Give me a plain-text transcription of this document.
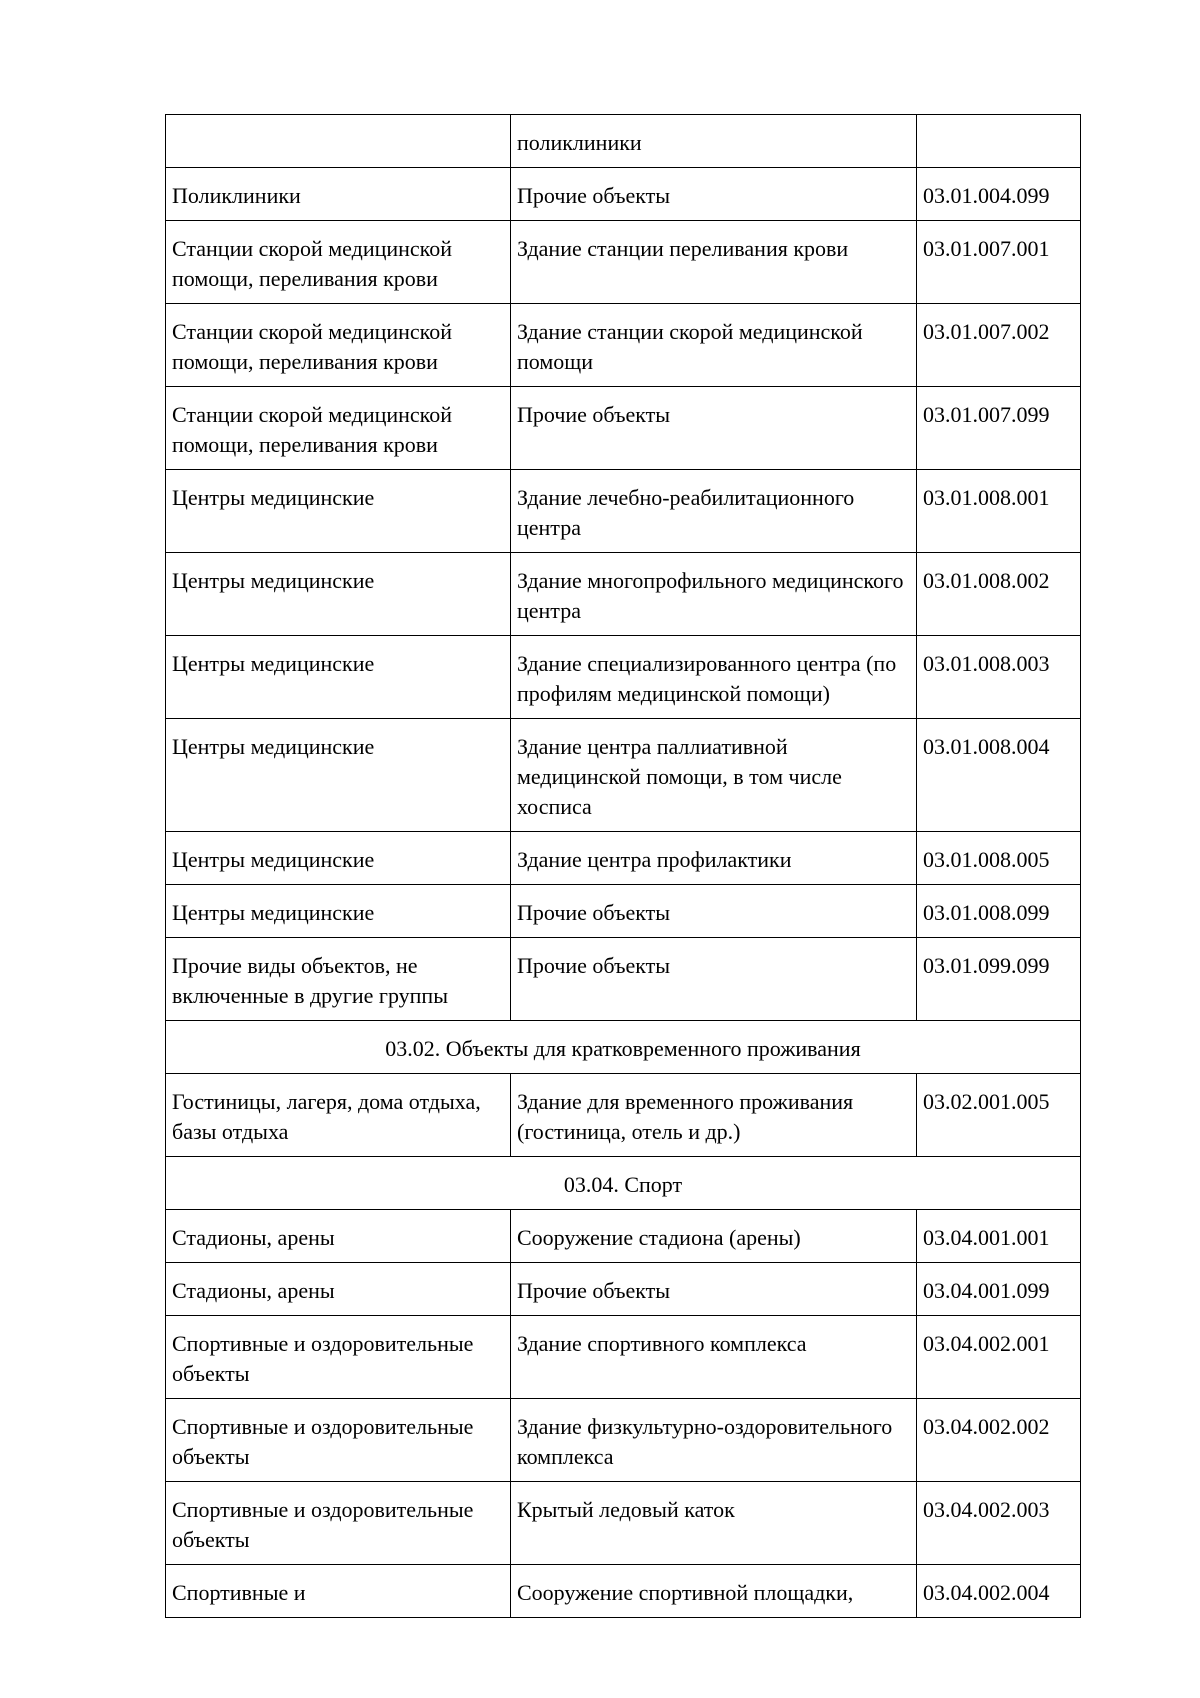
	поликлиники	
Поликлиники	Прочие объекты	03.01.004.099
Станции скорой медицинской помощи, переливания крови	Здание станции переливания крови	03.01.007.001
Станции скорой медицинской помощи, переливания крови	Здание станции скорой медицинской помощи	03.01.007.002
Станции скорой медицинской помощи, переливания крови	Прочие объекты	03.01.007.099
Центры медицинские	Здание лечебно-реабилитационного центра	03.01.008.001
Центры медицинские	Здание многопрофильного медицинского центра	03.01.008.002
Центры медицинские	Здание специализированного центра (по профилям медицинской помощи)	03.01.008.003
Центры медицинские	Здание центра паллиативной медицинской помощи, в том числе хосписа	03.01.008.004
Центры медицинские	Здание центра профилактики	03.01.008.005
Центры медицинские	Прочие объекты	03.01.008.099
Прочие виды объектов, не включенные в другие группы	Прочие объекты	03.01.099.099
03.02. Объекты для кратковременного проживания		
Гостиницы, лагеря, дома отдыха, базы отдыха	Здание для временного проживания (гостиница, отель и др.)	03.02.001.005
03.04. Спорт		
Стадионы, арены	Сооружение стадиона (арены)	03.04.001.001
Стадионы, арены	Прочие объекты	03.04.001.099
Спортивные и оздоровительные объекты	Здание спортивного комплекса	03.04.002.001
Спортивные и оздоровительные объекты	Здание физкультурно-оздоровительного комплекса	03.04.002.002
Спортивные и оздоровительные объекты	Крытый ледовый каток	03.04.002.003
Спортивные и	Сооружение спортивной площадки,	03.04.002.004
